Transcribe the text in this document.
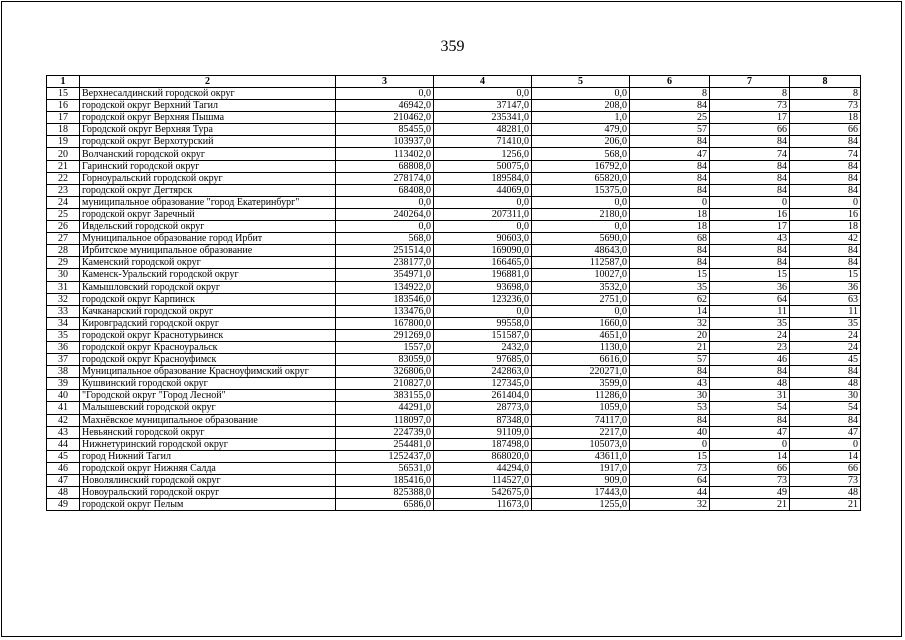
359
1	2	3	4	5	6	7	8
15	Верхнесалдинский городской округ	0,0	0,0	0,0	8	8	8
16	городской округ Верхний Тагил	46942,0	37147,0	208,0	84	73	73
17	городской округ Верхняя Пышма	210462,0	235341,0	1,0	25	17	18
18	Городской округ Верхняя Тура	85455,0	48281,0	479,0	57	66	66
19	городской округ Верхотурский	103937,0	71410,0	206,0	84	84	84
20	Волчанский городской округ	113402,0	1256,0	568,0	47	74	74
21	Гаринский городской округ	68808,0	50075,0	16792,0	84	84	84
22	Горноуральский городской округ	278174,0	189584,0	65820,0	84	84	84
23	городской округ Дегтярск	68408,0	44069,0	15375,0	84	84	84
24	муниципальное образование "город Екатеринбург"	0,0	0,0	0,0	0	0	0
25	городской округ Заречный	240264,0	207311,0	2180,0	18	16	16
26	Ивдельский городской округ	0,0	0,0	0,0	18	17	18
27	Муниципальное образование город Ирбит	568,0	90603,0	5690,0	68	43	42
28	Ирбитское муниципальное образование	251514,0	169090,0	48643,0	84	84	84
29	Каменский городской округ	238177,0	166465,0	112587,0	84	84	84
30	Каменск-Уральский городской округ	354971,0	196881,0	10027,0	15	15	15
31	Камышловский городской округ	134922,0	93698,0	3532,0	35	36	36
32	городской округ Карпинск	183546,0	123236,0	2751,0	62	64	63
33	Качканарский городской округ	133476,0	0,0	0,0	14	11	11
34	Кировградский городской округ	167800,0	99558,0	1660,0	32	35	35
35	городской округ Краснотурьинск	291269,0	151587,0	4651,0	20	24	24
36	городской округ Красноуральск	1557,0	2432,0	1130,0	21	23	24
37	городской округ Красноуфимск	83059,0	97685,0	6616,0	57	46	45
38	Муниципальное образование Красноуфимский округ	326806,0	242863,0	220271,0	84	84	84
39	Кушвинский городской округ	210827,0	127345,0	3599,0	43	48	48
40	"Городской округ "Город Лесной"	383155,0	261404,0	11286,0	30	31	30
41	Малышевский городской округ	44291,0	28773,0	1059,0	53	54	54
42	Махнёвское муниципальное образование	118097,0	87348,0	74117,0	84	84	84
43	Невьянский городской округ	224739,0	91109,0	2217,0	40	47	47
44	Нижнетуринский городской округ	254481,0	187498,0	105073,0	0	0	0
45	город Нижний Тагил	1252437,0	868020,0	43611,0	15	14	14
46	городской округ Нижняя Салда	56531,0	44294,0	1917,0	73	66	66
47	Новолялинский городской округ	185416,0	114527,0	909,0	64	73	73
48	Новоуральский городской округ	825388,0	542675,0	17443,0	44	49	48
49	городской округ Пелым	6586,0	11673,0	1255,0	32	21	21
